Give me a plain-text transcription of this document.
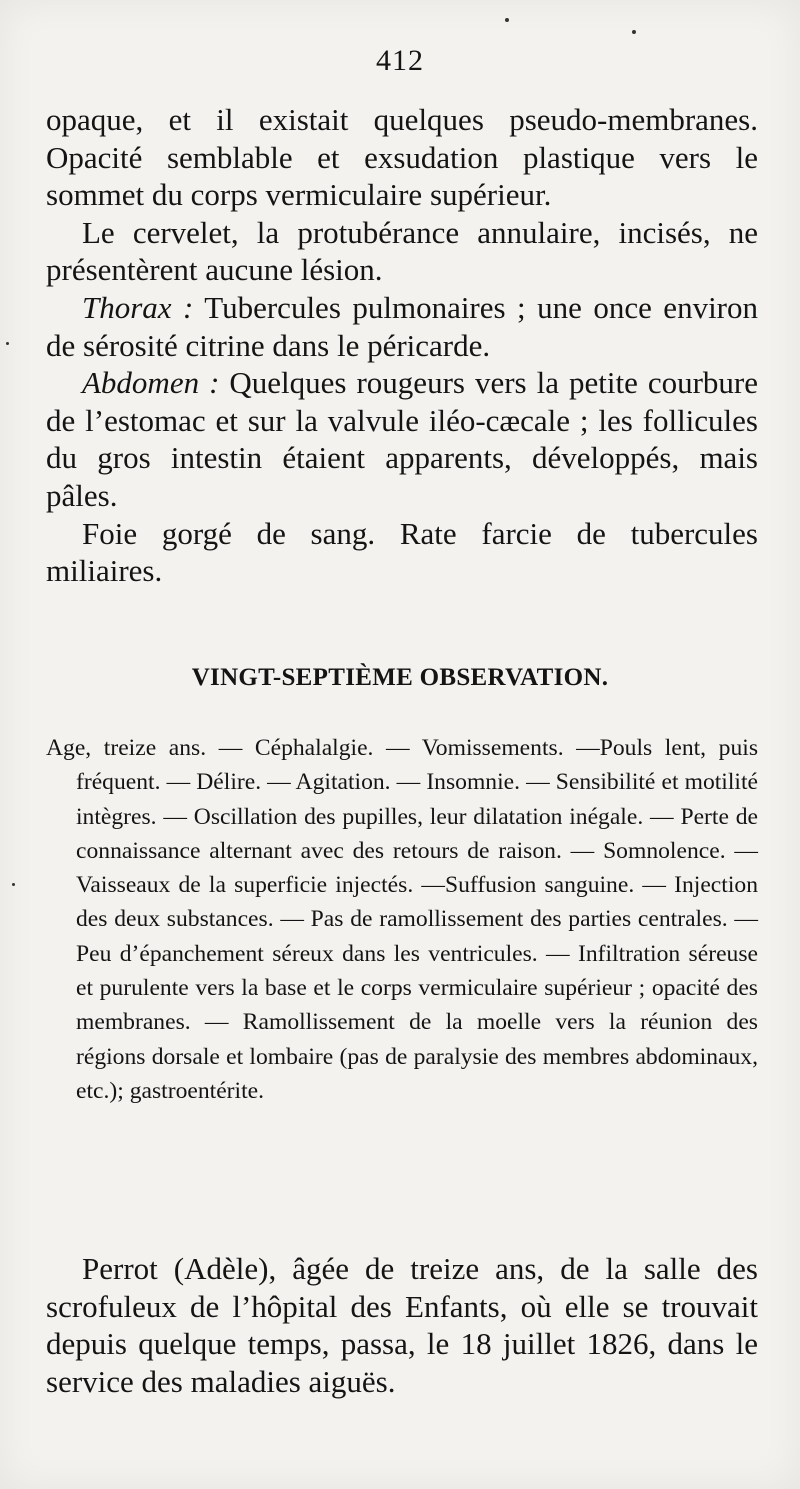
412

opaque, et il existait quelques pseudo-membranes. Opacité semblable et exsudation plastique vers le sommet du corps vermiculaire supérieur.

Le cervelet, la protubérance annulaire, incisés, ne présentèrent aucune lésion.

Thorax : Tubercules pulmonaires ; une once environ de sérosité citrine dans le péricarde.

Abdomen : Quelques rougeurs vers la petite courbure de l’estomac et sur la valvule iléo-cæcale ; les follicules du gros intestin étaient apparents, développés, mais pâles.

Foie gorgé de sang. Rate farcie de tubercules miliaires.

VINGT-SEPTIÈME OBSERVATION.
Age, treize ans. — Céphalalgie. — Vomissements. —Pouls lent, puis fréquent. — Délire. — Agitation. — Insomnie. — Sensibilité et motilité intègres. — Oscillation des pupilles, leur dilatation inégale. — Perte de connaissance alternant avec des retours de raison. — Somnolence. — Vaisseaux de la superficie injectés. —Suffusion sanguine. — Injection des deux substances. — Pas de ramollissement des parties centrales. — Peu d’épanchement séreux dans les ventricules. — Infiltration séreuse et purulente vers la base et le corps vermiculaire supérieur ; opacité des membranes. — Ramollissement de la moelle vers la réunion des régions dorsale et lombaire (pas de paralysie des membres abdominaux, etc.); gastroentérite.

Perrot (Adèle), âgée de treize ans, de la salle des scrofuleux de l’hôpital des Enfants, où elle se trouvait depuis quelque temps, passa, le 18 juillet 1826, dans le service des maladies aiguës.
